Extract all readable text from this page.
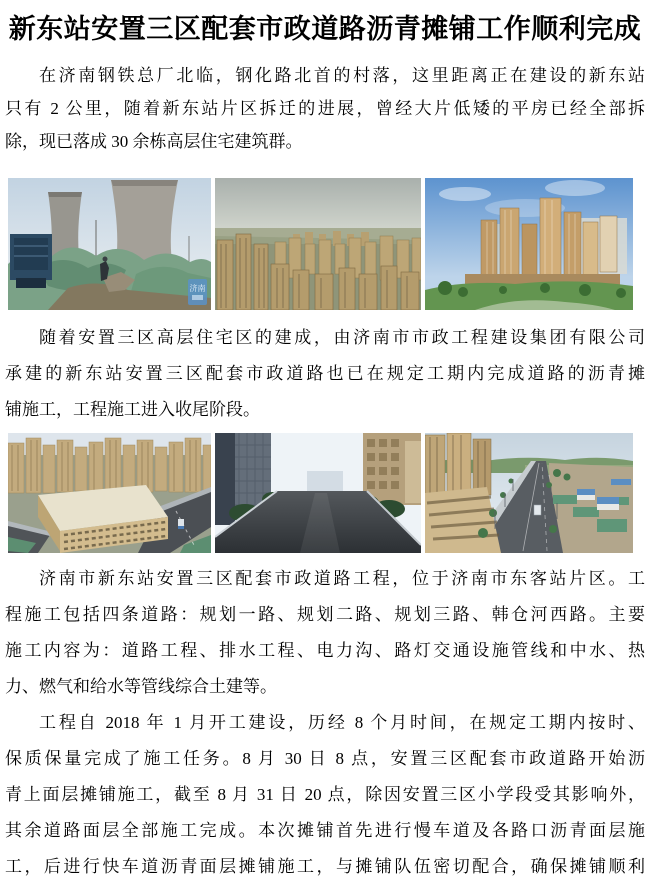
新东站安置三区配套市政道路沥青摊铺工作顺利完成
在济南钢铁总厂北临，钢化路北首的村落，这里距离正在建设的新东站
只有 2 公里，随着新东站片区拆迁的进展，曾经大片低矮的平房已经全部拆
除，现已落成 30 余栋高层住宅建筑群。
济南
随着安置三区高层住宅区的建成，由济南市市政工程建设集团有限公司
承建的新东站安置三区配套市政道路也已在规定工期内完成道路的沥青摊
铺施工，工程施工进入收尾阶段。
济南市新东站安置三区配套市政道路工程，位于济南市东客站片区。工
程施工包括四条道路：规划一路、规划二路、规划三路、韩仓河西路。主要
施工内容为：道路工程、排水工程、电力沟、路灯交通设施管线和中水、热
力、燃气和给水等管线综合土建等。
工程自 2018 年 1 月开工建设，历经 8 个月时间，在规定工期内按时、
保质保量完成了施工任务。8 月 30 日 8 点，安置三区配套市政道路开始沥
青上面层摊铺施工，截至 8 月 31 日 20 点，除因安置三区小学段受其影响外，
其余道路面层全部施工完成。本次摊铺首先进行慢车道及各路口沥青面层施
工，后进行快车道沥青面层摊铺施工，与摊铺队伍密切配合，确保摊铺顺利
